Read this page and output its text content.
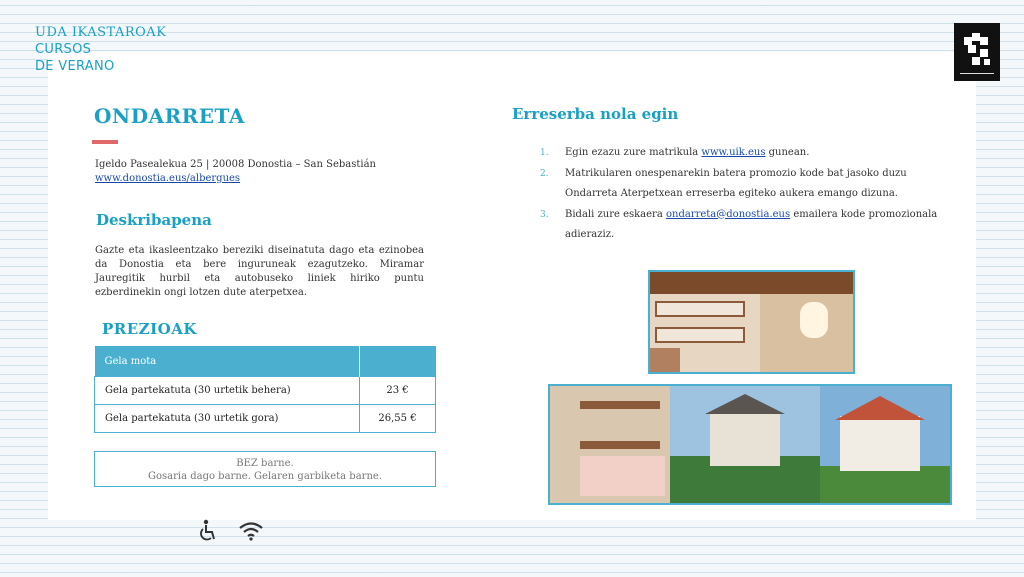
UDA IKASTAROAK
CURSOS
DE VERANO
ONDARRETA
Igeldo Pasealekua 25 | 20008 Donostia – San Sebastián
www.donostia.eus/albergues
Deskribapena
Gazte eta ikasleentzako bereziki diseinatuta dago eta ezinobea da Donostia eta bere inguruneak ezagutzeko. Miramar Jauregitik hurbil eta autobuseko liniek hiriko puntu ezberdinekin ongi lotzen dute aterpetxea.
PREZIOAK
Gela mota	
Gela partekatuta (30 urtetik behera)	23 €
Gela partekatuta (30 urtetik gora)	26,55 €
BEZ barne.
Gosaria dago barne. Gelaren garbiketa barne.

Erreserba nola egin
1. Egin ezazu zure matrikula www.uik.eus gunean.
2. Matrikularen onespenarekin batera promozio kode bat jasoko duzu Ondarreta Aterpetxean erreserba egiteko aukera emango dizuna.
3. Bidali zure eskaera ondarreta@donostia.eus emailera kode promozionala adieraziz.
